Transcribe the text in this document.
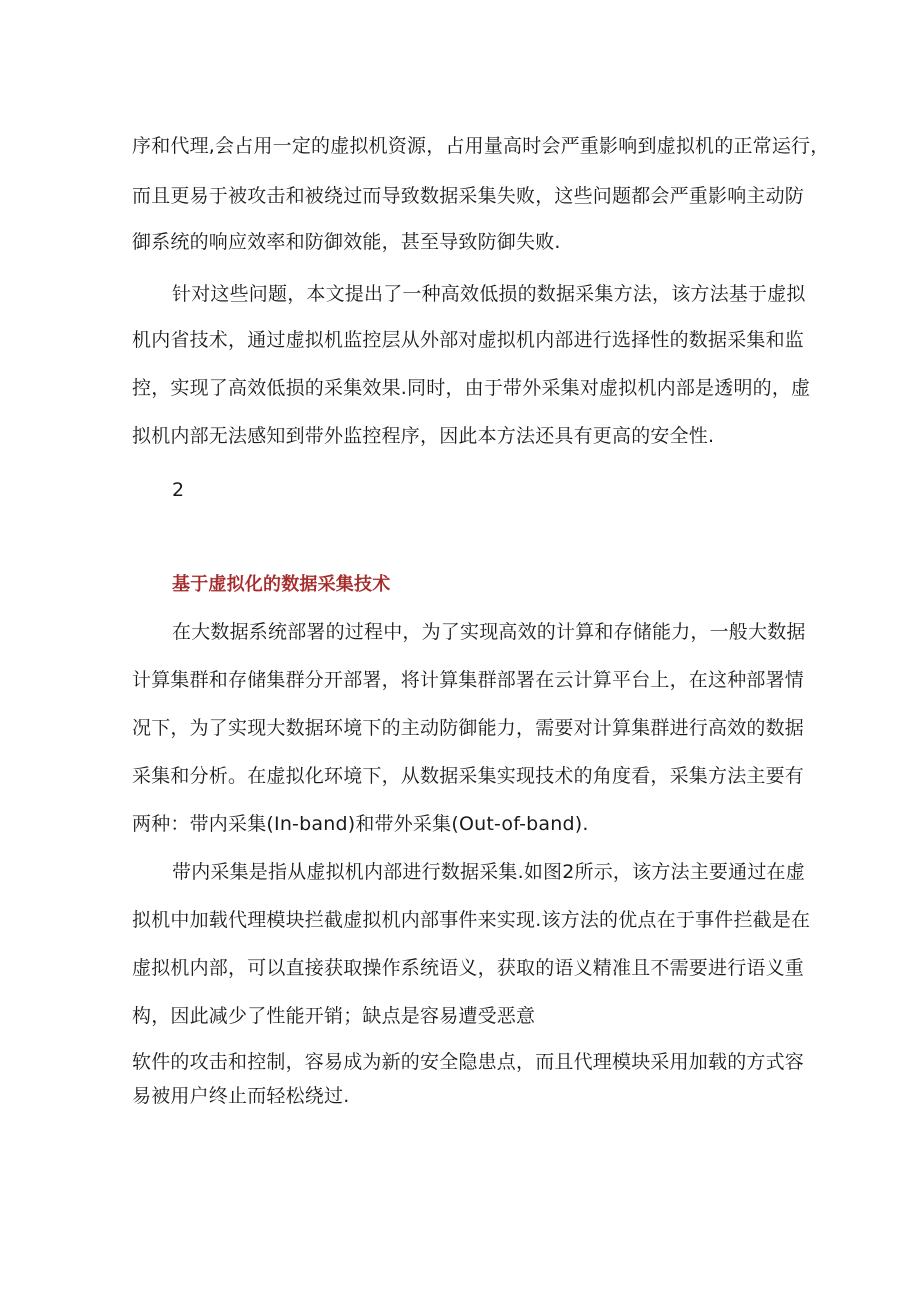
序和代理,会占用一定的虚拟机资源，占用量高时会严重影响到虚拟机的正常运行，
而且更易于被攻击和被绕过而导致数据采集失败，这些问题都会严重影响主动防
御系统的响应效率和防御效能，甚至导致防御失败.
针对这些问题，本文提出了一种高效低损的数据采集方法，该方法基于虚拟
机内省技术，通过虚拟机监控层从外部对虚拟机内部进行选择性的数据采集和监
控，实现了高效低损的采集效果.同时，由于带外采集对虚拟机内部是透明的，虚
拟机内部无法感知到带外监控程序，因此本方法还具有更高的安全性.
2
基于虚拟化的数据采集技术
在大数据系统部署的过程中，为了实现高效的计算和存储能力，一般大数据
计算集群和存储集群分开部署，将计算集群部署在云计算平台上，在这种部署情
况下，为了实现大数据环境下的主动防御能力，需要对计算集群进行高效的数据
采集和分析。在虚拟化环境下，从数据采集实现技术的角度看，采集方法主要有
两种：带内采集(In-band)和带外采集(Out-of-band).
带内采集是指从虚拟机内部进行数据采集.如图2所示，该方法主要通过在虚
拟机中加载代理模块拦截虚拟机内部事件来实现.该方法的优点在于事件拦截是在
虚拟机内部，可以直接获取操作系统语义，获取的语义精准且不需要进行语义重
构，因此减少了性能开销；缺点是容易遭受恶意
软件的攻击和控制，容易成为新的安全隐患点，而且代理模块采用加载的方式容
易被用户终止而轻松绕过.
